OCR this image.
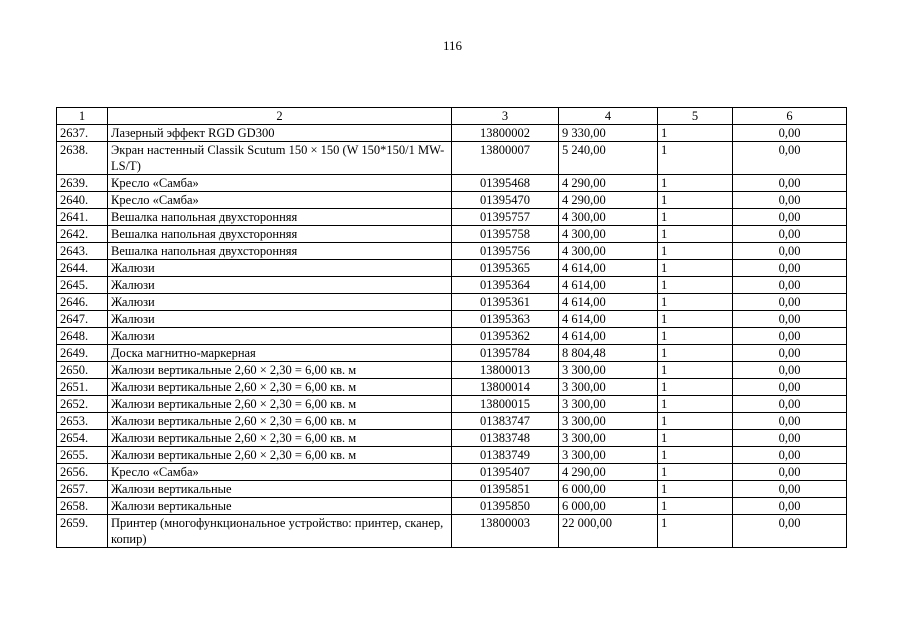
116
1	2	3	4	5	6
2637.	Лазерный эффект RGD GD300	13800002	9 330,00	1	0,00
2638.	Экран настенный Classik Scutum 150 × 150 (W 150*150/1 MW-LS/T)	13800007	5 240,00	1	0,00
2639.	Кресло «Самба»	01395468	4 290,00	1	0,00
2640.	Кресло «Самба»	01395470	4 290,00	1	0,00
2641.	Вешалка напольная двухсторонняя	01395757	4 300,00	1	0,00
2642.	Вешалка напольная двухсторонняя	01395758	4 300,00	1	0,00
2643.	Вешалка напольная двухсторонняя	01395756	4 300,00	1	0,00
2644.	Жалюзи	01395365	4 614,00	1	0,00
2645.	Жалюзи	01395364	4 614,00	1	0,00
2646.	Жалюзи	01395361	4 614,00	1	0,00
2647.	Жалюзи	01395363	4 614,00	1	0,00
2648.	Жалюзи	01395362	4 614,00	1	0,00
2649.	Доска магнитно-маркерная	01395784	8 804,48	1	0,00
2650.	Жалюзи вертикальные 2,60 × 2,30 = 6,00 кв. м	13800013	3 300,00	1	0,00
2651.	Жалюзи вертикальные 2,60 × 2,30 = 6,00 кв. м	13800014	3 300,00	1	0,00
2652.	Жалюзи вертикальные 2,60 × 2,30 = 6,00 кв. м	13800015	3 300,00	1	0,00
2653.	Жалюзи вертикальные 2,60 × 2,30 = 6,00 кв. м	01383747	3 300,00	1	0,00
2654.	Жалюзи вертикальные 2,60 × 2,30 = 6,00 кв. м	01383748	3 300,00	1	0,00
2655.	Жалюзи вертикальные 2,60 × 2,30 = 6,00 кв. м	01383749	3 300,00	1	0,00
2656.	Кресло «Самба»	01395407	4 290,00	1	0,00
2657.	Жалюзи вертикальные	01395851	6 000,00	1	0,00
2658.	Жалюзи вертикальные	01395850	6 000,00	1	0,00
2659.	Принтер (многофункциональное устройство: принтер, сканер, копир)	13800003	22 000,00	1	0,00
